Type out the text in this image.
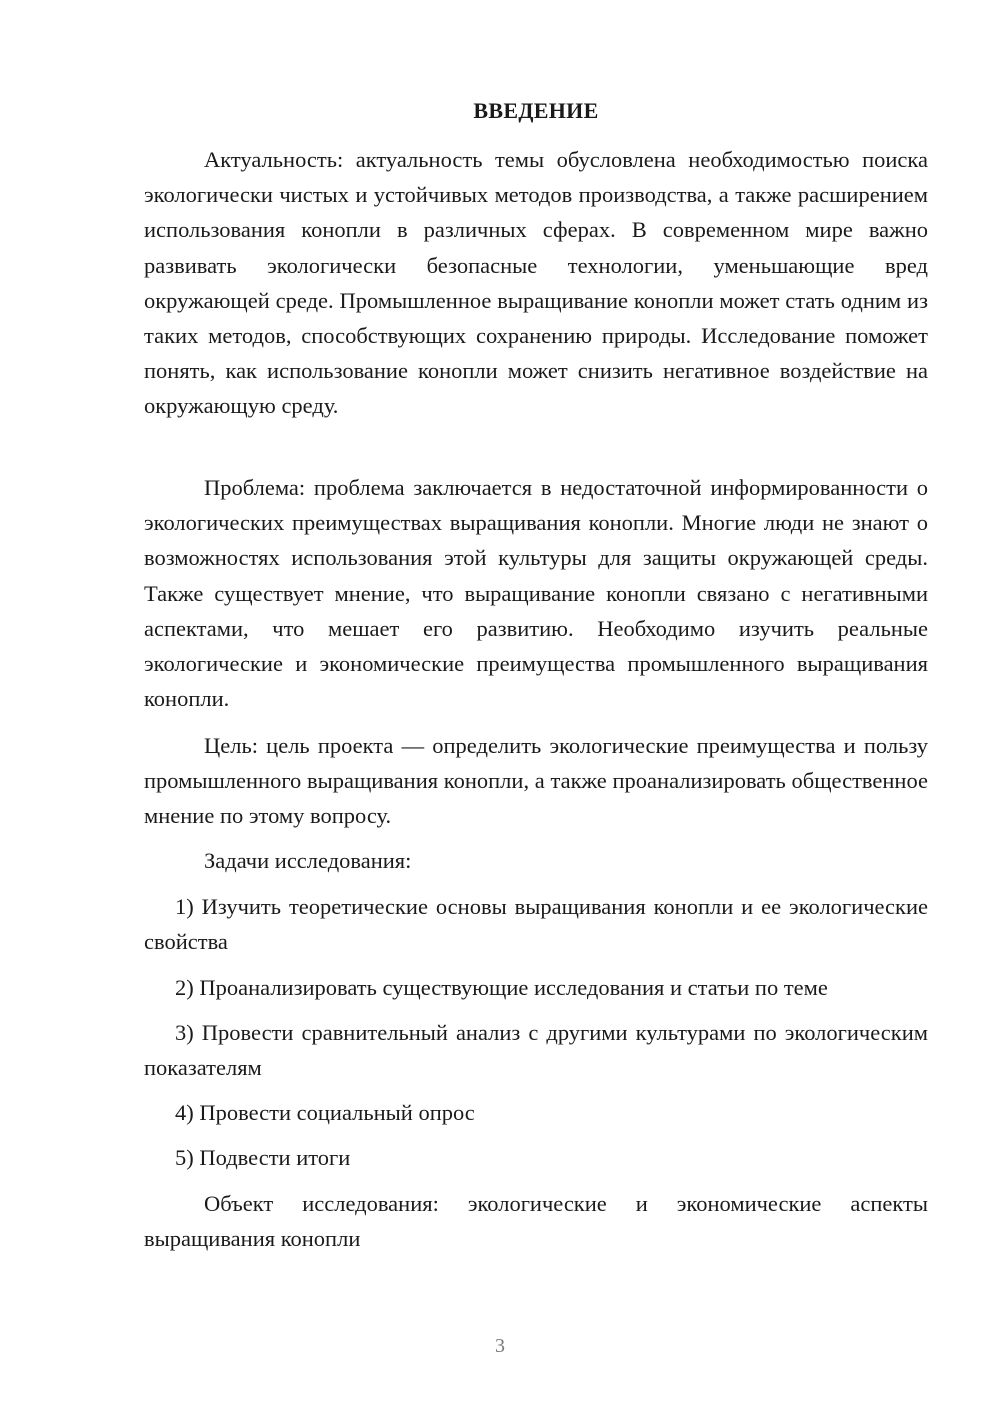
ВВЕДЕНИЕ

Актуальность: актуальность темы обусловлена необходимостью поиска экологически чистых и устойчивых методов производства, а также расширением использования конопли в различных сферах. В современном мире важно развивать экологически безопасные технологии, уменьшающие вред окружающей среде. Промышленное выращивание конопли может стать одним из таких методов, способствующих сохранению природы. Исследование поможет понять, как использование конопли может снизить негативное воздействие на окружающую среду.

Проблема: проблема заключается в недостаточной информированности о экологических преимуществах выращивания конопли. Многие люди не знают о возможностях использования этой культуры для защиты окружающей среды. Также существует мнение, что выращивание конопли связано с негативными аспектами, что мешает его развитию. Необходимо изучить реальные экологические и экономические преимущества промышленного выращивания конопли.

Цель: цель проекта — определить экологические преимущества и пользу промышленного выращивания конопли, а также проанализировать общественное мнение по этому вопросу.

Задачи исследования:

1) Изучить теоретические основы выращивания конопли и ее экологические свойства

2) Проанализировать существующие исследования и статьи по теме

3) Провести сравнительный анализ с другими культурами по экологическим показателям

4) Провести социальный опрос

5) Подвести итоги

Объект исследования: экологические и экономические аспекты выращивания конопли

3
